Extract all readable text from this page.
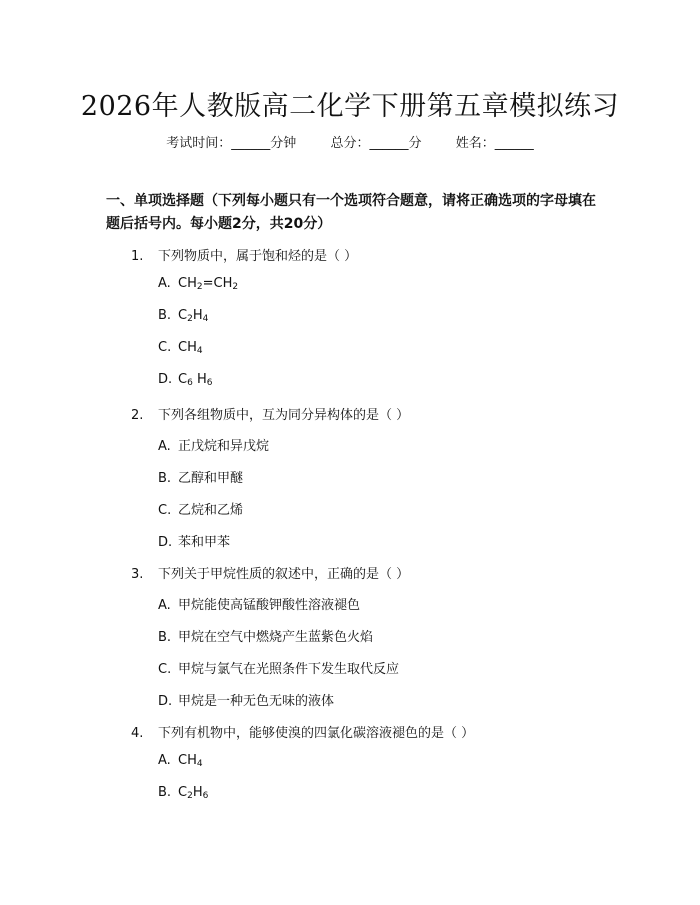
2026年人教版高二化学下册第五章模拟练习
考试时间：______分钟	总分：______分	姓名：______
一、单项选择题（下列每小题只有一个选项符合题意，请将正确选项的字母填在题后括号内。每小题2分，共20分）
1. 下列物质中，属于饱和烃的是（ ）
A. $CH_2=CH_2$
B. $C_2H_4$
C. $CH_4$
D. $C_6$ $H_6$
2. 下列各组物质中，互为同分异构体的是（ ）
A. 正戊烷和异戊烷
B. 乙醇和甲醚
C. 乙烷和乙烯
D. 苯和甲苯
3. 下列关于甲烷性质的叙述中，正确的是（ ）
A. 甲烷能使高锰酸钾酸性溶液褪色
B. 甲烷在空气中燃烧产生蓝紫色火焰
C. 甲烷与氯气在光照条件下发生取代反应
D. 甲烷是一种无色无味的液体
4. 下列有机物中，能够使溴的四氯化碳溶液褪色的是（ ）
A. $CH_4$
B. $C_2H_6$
